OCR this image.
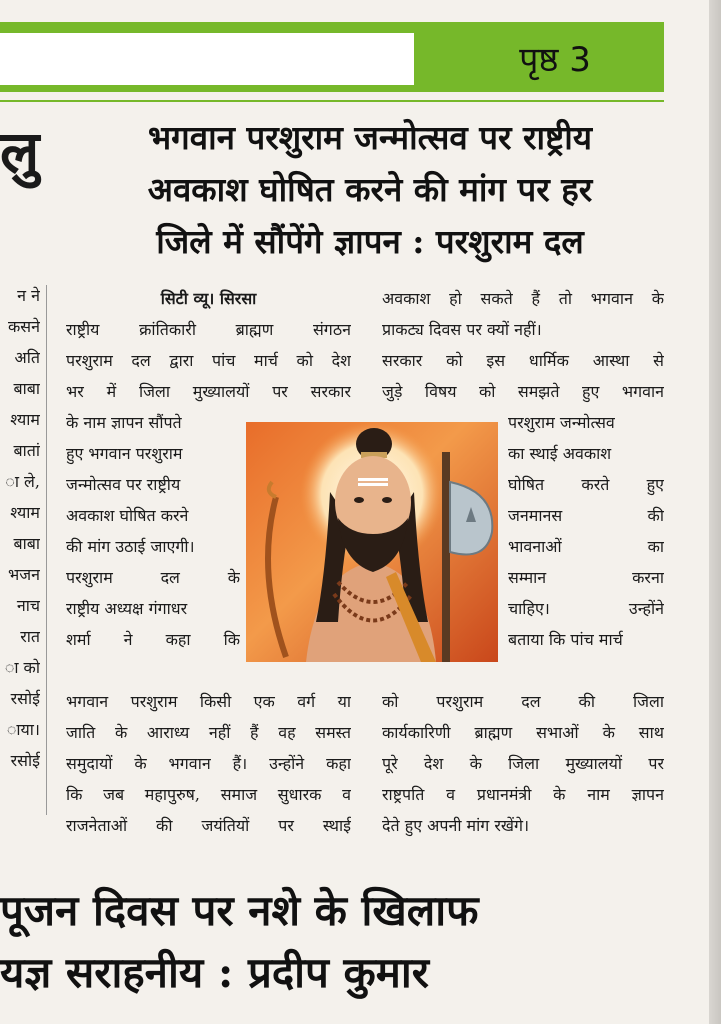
पृष्ठ 3
लु
न ने
कसने
अति
बाबा
श्याम
बातां
ा ले,
श्याम
बाबा
भजन
नाच
रात
ा को
रसोई
ाया।
रसोई
भगवान परशुराम जन्मोत्सव पर राष्ट्रीय
अवकाश घोषित करने की मांग पर हर
जिले में सौंपेंगे ज्ञापन : परशुराम दल
सिटी व्यू। सिरसा
राष्ट्रीय क्रांतिकारी ब्राह्मण संगठन
परशुराम दल द्वारा पांच मार्च को देश
भर में जिला मुख्यालयों पर सरकार
के नाम ज्ञापन सौंपते
हुए भगवान परशुराम
जन्मोत्सव पर राष्ट्रीय
अवकाश घोषित करने
की मांग उठाई जाएगी।
परशुराम दल के
राष्ट्रीय अध्यक्ष गंगाधर
शर्मा ने कहा कि
भगवान परशुराम किसी एक वर्ग या
जाति के आराध्य नहीं हैं वह समस्त
समुदायों के भगवान हैं। उन्होंने कहा
कि जब महापुरुष, समाज सुधारक व
राजनेताओं की जयंतियों पर स्थाई
अवकाश हो सकते हैं तो भगवान के
प्राकट्य दिवस पर क्यों नहीं।
सरकार को इस धार्मिक आस्था से
जुड़े विषय को समझते हुए भगवान
परशुराम जन्मोत्सव
का स्थाई अवकाश
घोषित करते हुए
जनमानस की
भावनाओं का
सम्मान करना
चाहिए। उन्होंने
बताया कि पांच मार्च
को परशुराम दल की जिला
कार्यकारिणी ब्राह्मण सभाओं के साथ
पूरे देश के जिला मुख्यालयों पर
राष्ट्रपति व प्रधानमंत्री के नाम ज्ञापन
देते हुए अपनी मांग रखेंगे।
पूजन दिवस पर नशे के खिलाफ
यज्ञ सराहनीय : प्रदीप कुमार
